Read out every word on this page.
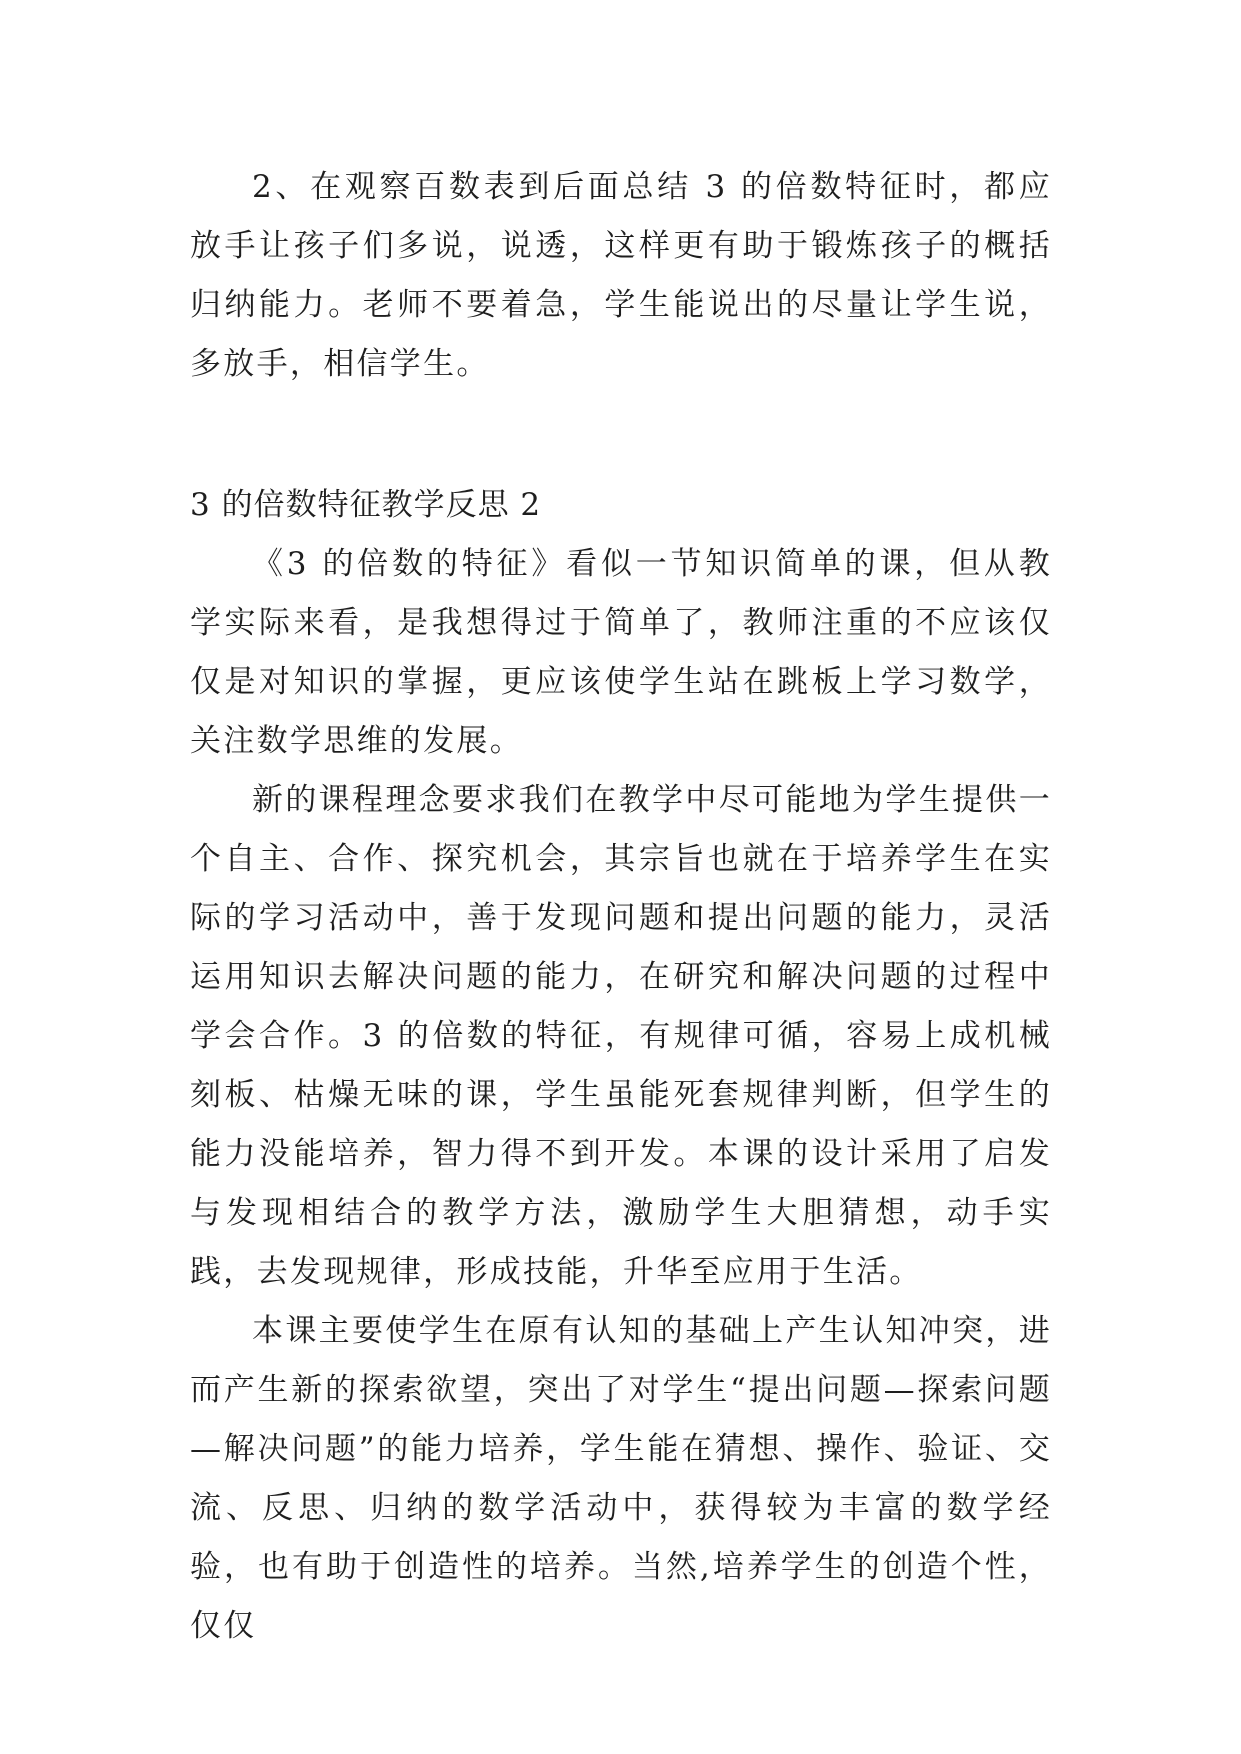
2、在观察百数表到后面总结 3 的倍数特征时，都应放手让孩子们多说，说透，这样更有助于锻炼孩子的概括归纳能力。老师不要着急，学生能说出的尽量让学生说，多放手，相信学生。

3 的倍数特征教学反思 2

《3 的倍数的特征》看似一节知识简单的课，但从教学实际来看，是我想得过于简单了，教师注重的不应该仅仅是对知识的掌握，更应该使学生站在跳板上学习数学，关注数学思维的发展。

新的课程理念要求我们在教学中尽可能地为学生提供一个自主、合作、探究机会，其宗旨也就在于培养学生在实际的学习活动中，善于发现问题和提出问题的能力，灵活运用知识去解决问题的能力，在研究和解决问题的过程中学会合作。3 的倍数的特征，有规律可循，容易上成机械刻板、枯燥无味的课，学生虽能死套规律判断，但学生的能力没能培养，智力得不到开发。本课的设计采用了启发与发现相结合的教学方法，激励学生大胆猜想，动手实践，去发现规律，形成技能，升华至应用于生活。

本课主要使学生在原有认知的基础上产生认知冲突，进而产生新的探索欲望，突出了对学生“提出问题—探索问题—解决问题”的能力培养，学生能在猜想、操作、验证、交流、反思、归纳的数学活动中，获得较为丰富的数学经验，也有助于创造性的培养。当然,培养学生的创造个性，仅仅
